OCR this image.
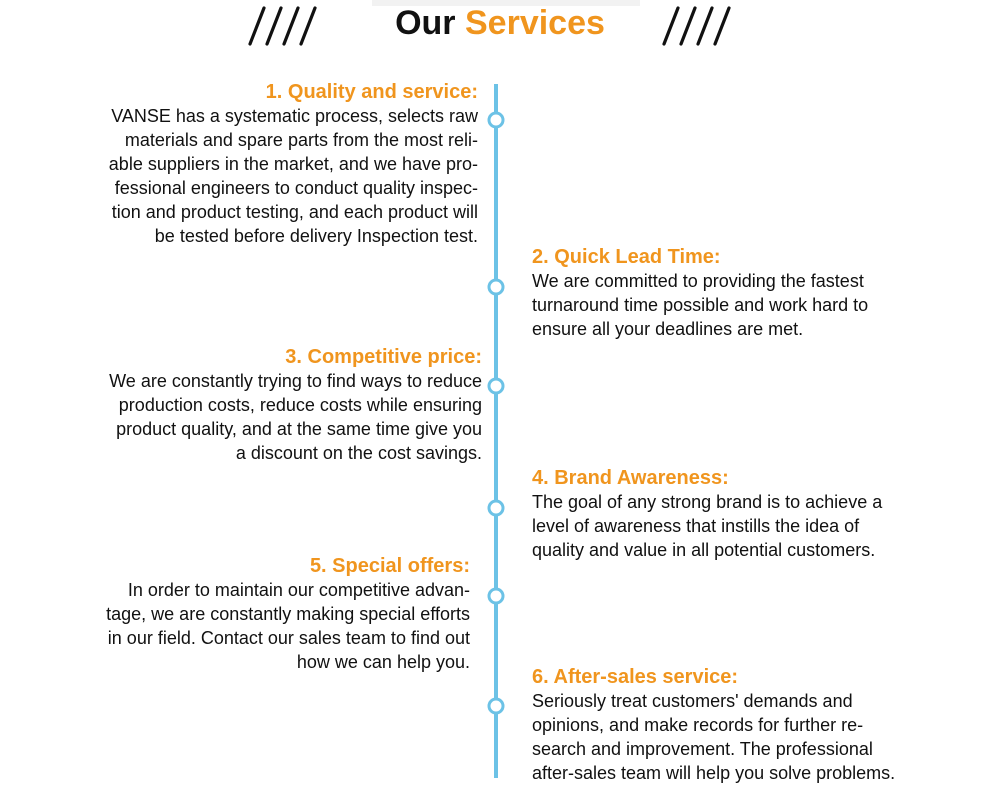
Our Services
1. Quality and service:

VANSE has a systematic process, selects raw

materials and spare parts from the most reli-

able suppliers in the market, and we have pro-

fessional engineers to conduct quality inspec-

tion and product testing, and each product will

be tested before delivery Inspection test.

2. Quick Lead Time:

We are committed to providing the fastest

turnaround time possible and work hard to

ensure all your deadlines are met.

3. Competitive price:

We are constantly trying to find ways to reduce

production costs, reduce costs while ensuring

product quality, and at the same time give you

a discount on the cost savings.

4. Brand Awareness:

The goal of any strong brand is to achieve a

level of awareness that instills the idea of

quality and value in all potential customers.

5. Special offers:

In order to maintain our competitive advan-

tage, we are constantly making special efforts

in our field. Contact our sales team to find out

how we can help you.

6. After-sales service:

Seriously treat customers' demands and

opinions, and make records for further re-

search and improvement. The professional

after-sales team will help you solve problems.
